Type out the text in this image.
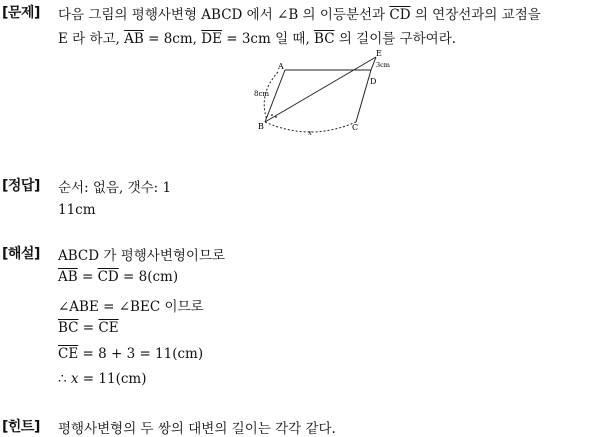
[문제] 다음 그림의 평행사변형 ABCD 에서 ∠B 의 이등분선과 $\overline{CD}$ 의 연장선과의 교점을
E 라 하고, $\overline{AB} = 8cm$, $\overline{DE} = 3cm$ 일 때, $\overline{BC}$ 의 길이를 구하여라.
A
B	C
D
E
8cm
3cm
x
[정답] 순서: 없음, 갯수: 1
11cm
[해설] ABCD 가 평행사변형이므로
$\overline{AB} = \overline{CD} = 8(cm)$
∠ABE = ∠BEC 이므로
$\overline{BC} = \overline{CE}$
$\overline{CE} = 8 + 3 = 11(cm)$
∴ x = 11(cm)
[힌트] 평행사변형의 두 쌍의 대변의 길이는 각각 같다.
